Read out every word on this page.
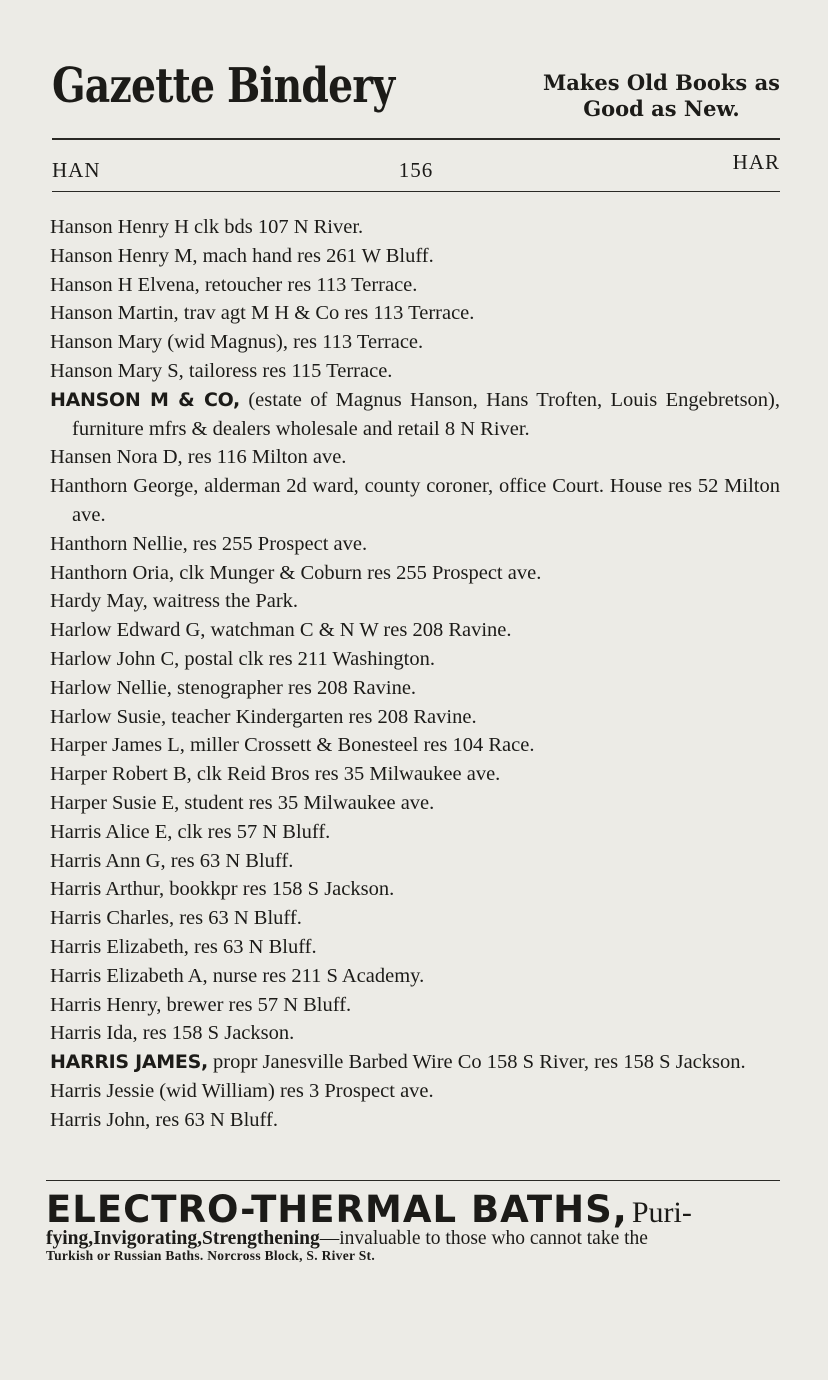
Gazette Bindery	Makes Old Books as
Good as New.
HAN	156	HAR
Hanson Henry H clk bds 107 N River.
Hanson Henry M, mach hand res 261 W Bluff.
Hanson H Elvena, retoucher res 113 Terrace.
Hanson Martin, trav agt M H & Co res 113 Terrace.
Hanson Mary (wid Magnus), res 113 Terrace.
Hanson Mary S, tailoress res 115 Terrace.
HANSON M & CO, (estate of Magnus Hanson, Hans Troften, Louis Engebretson), furniture mfrs & dealers wholesale and retail 8 N River.
Hansen Nora D, res 116 Milton ave.
Hanthorn George, alderman 2d ward, county coroner, office Court. House res 52 Milton ave.
Hanthorn Nellie, res 255 Prospect ave.
Hanthorn Oria, clk Munger & Coburn res 255 Prospect ave.
Hardy May, waitress the Park.
Harlow Edward G, watchman C & N W res 208 Ravine.
Harlow John C, postal clk res 211 Washington.
Harlow Nellie, stenographer res 208 Ravine.
Harlow Susie, teacher Kindergarten res 208 Ravine.
Harper James L, miller Crossett & Bonesteel res 104 Race.
Harper Robert B, clk Reid Bros res 35 Milwaukee ave.
Harper Susie E, student res 35 Milwaukee ave.
Harris Alice E, clk res 57 N Bluff.
Harris Ann G, res 63 N Bluff.
Harris Arthur, bookkpr res 158 S Jackson.
Harris Charles, res 63 N Bluff.
Harris Elizabeth, res 63 N Bluff.
Harris Elizabeth A, nurse res 211 S Academy.
Harris Henry, brewer res 57 N Bluff.
Harris Ida, res 158 S Jackson.
HARRIS JAMES, propr Janesville Barbed Wire Co 158 S River, res 158 S Jackson.
Harris Jessie (wid William) res 3 Prospect ave.
Harris John, res 63 N Bluff.
ELECTRO-THERMAL BATHS, Puri-
fying,Invigorating,Strengthening—invaluable to those who cannot take the
Turkish or Russian Baths. Norcross Block, S. River St.
